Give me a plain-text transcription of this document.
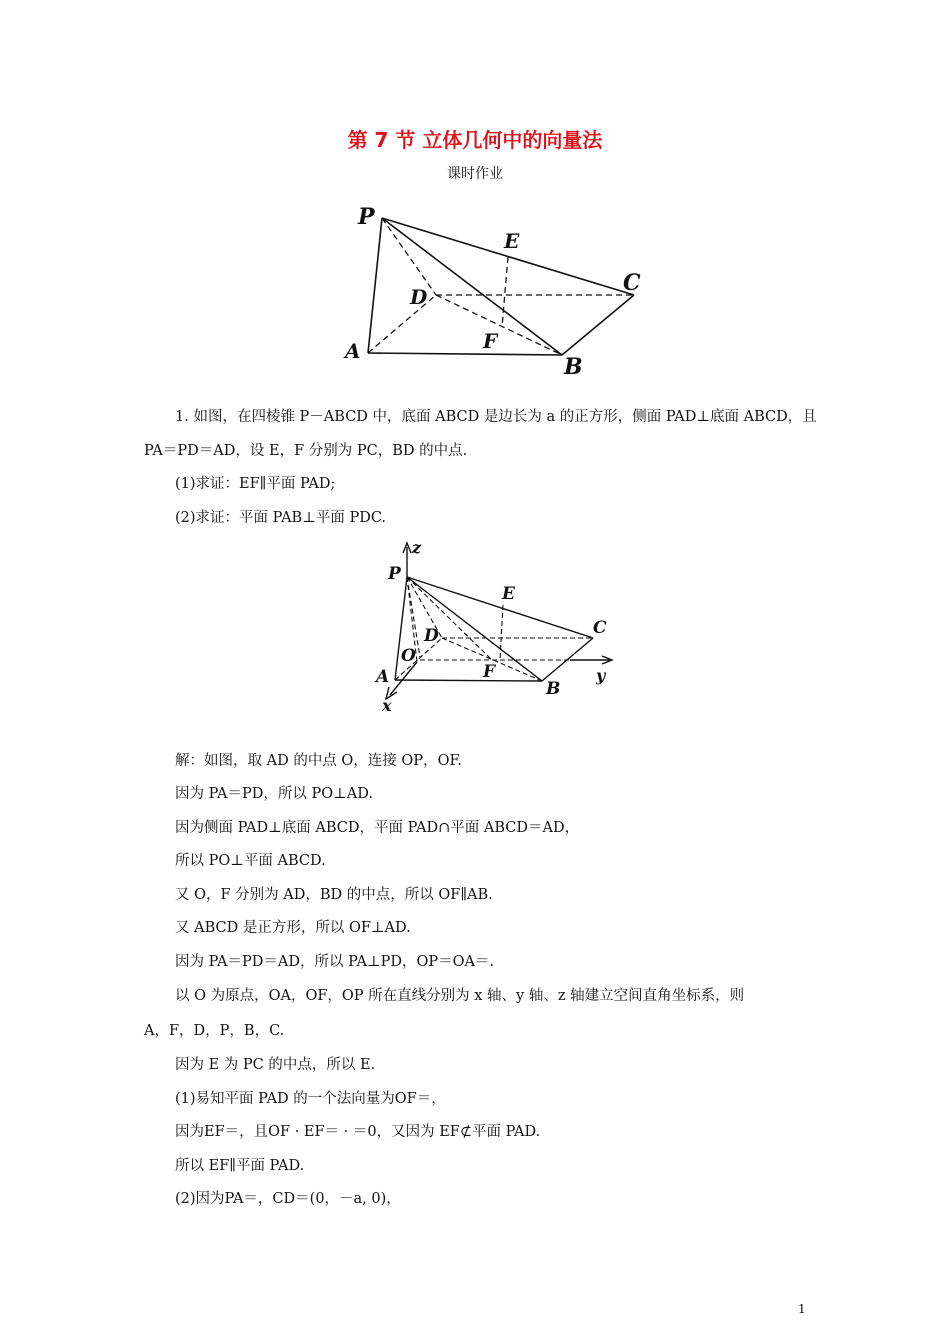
第 7 节 立体几何中的向量法
课时作业
P
E
C
D
A	F
B
1. 如图，在四棱锥 P－ABCD 中，底面 ABCD 是边长为 a 的正方形，侧面 PAD⊥底面 ABCD，且
PA＝PD＝AD，设 E，F 分别为 PC，BD 的中点.
(1)求证：EF∥平面 PAD;
(2)求证：平面 PAB⊥平面 PDC.
z
P
E
C
D
O
A	F	y
B
x
解：如图，取 AD 的中点 O，连接 OP，OF.
因为 PA＝PD，所以 PO⊥AD.
因为侧面 PAD⊥底面 ABCD，平面 PAD∩平面 ABCD＝AD，
所以 PO⊥平面 ABCD.
又 O，F 分别为 AD，BD 的中点，所以 OF∥AB.
又 ABCD 是正方形，所以 OF⊥AD.
因为 PA＝PD＝AD，所以 PA⊥PD，OP＝OA＝.
以 O 为原点，OA，OF，OP 所在直线分别为 x 轴、y 轴、z 轴建立空间直角坐标系，则
A，F，D，P，B，C.
因为 E 为 PC 的中点，所以 E.
(1)易知平面 PAD 的一个法向量为OF＝，
因为EF＝，且OF · EF＝ · ＝0，又因为 EF⊄平面 PAD.
所以 EF∥平面 PAD.
(2)因为PA＝，CD＝(0，－a, 0)，
1
